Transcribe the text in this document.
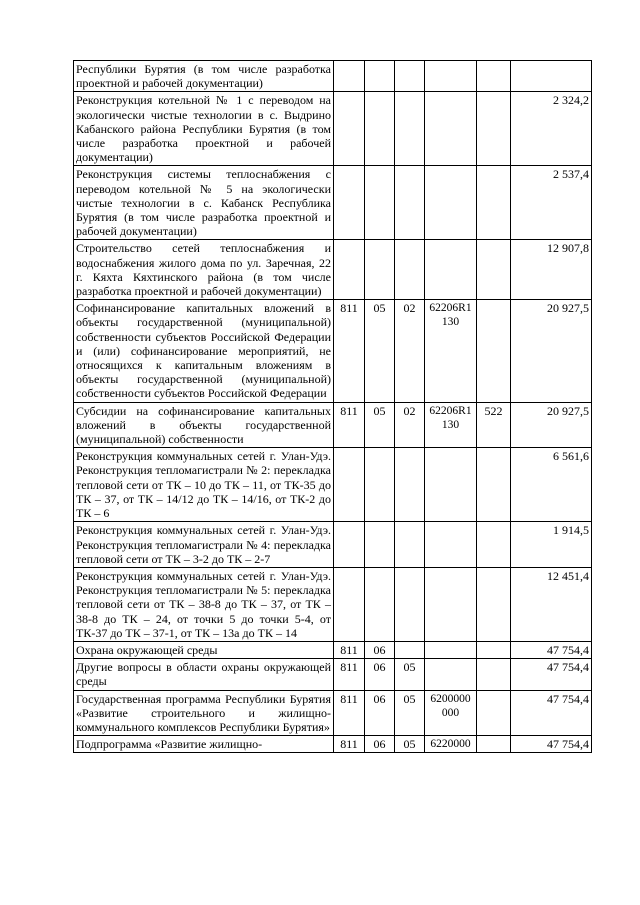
Республики Бурятия (в том числе разработка проектной и рабочей документации)						
Реконструкция котельной № 1 с переводом на экологически чистые технологии в с. Выдрино Кабанского района Республики Бурятия (в том числе разработка проектной и рабочей документации)						2 324,2
Реконструкция системы теплоснабжения с переводом котельной № 5 на экологически чистые технологии в с. Кабанск Республика Бурятия (в том числе разработка проектной и рабочей документации)						2 537,4
Строительство сетей теплоснабжения и водоснабжения жилого дома по ул. Заречная, 22 г. Кяхта Кяхтинского района (в том числе разработка проектной и рабочей документации)						12 907,8
Софинансирование капитальных вложений в объекты государственной (муниципальной) собственности субъектов Российской Федерации и (или) софинансирование мероприятий, не относящихся к капитальным вложениям в объекты государственной (муниципальной) собственности субъектов Российской Федерации	811	05	02	62206R1 130		20 927,5
Субсидии на софинансирование капитальных вложений в объекты государственной (муниципальной) собственности	811	05	02	62206R1 130	522	20 927,5
Реконструкция коммунальных сетей г. Улан-Удэ. Реконструкция тепломагистрали № 2: перекладка тепловой сети от ТК – 10 до ТК – 11, от ТК-35 до ТК – 37, от ТК – 14/12 до ТК – 14/16, от ТК-2 до ТК – 6						6 561,6
Реконструкция коммунальных сетей г. Улан-Удэ. Реконструкция тепломагистрали № 4: перекладка тепловой сети от ТК – 3-2 до ТК – 2-7						1 914,5
Реконструкция коммунальных сетей г. Улан-Удэ. Реконструкция тепломагистрали № 5: перекладка тепловой сети от ТК – 38-8 до ТК – 37, от ТК – 38-8 до ТК – 24, от точки 5 до точки 5-4, от ТК-37 до ТК – 37-1, от ТК – 13а до ТК – 14						12 451,4
Охрана окружающей среды	811	06				47 754,4
Другие вопросы в области охраны окружающей среды	811	06	05			47 754,4
Государственная программа Республики Бурятия «Развитие строительного и жилищно-коммунального комплексов Республики Бурятия»	811	06	05	6200000 000		47 754,4
Подпрограмма «Развитие жилищно-	811	06	05	6220000		47 754,4
